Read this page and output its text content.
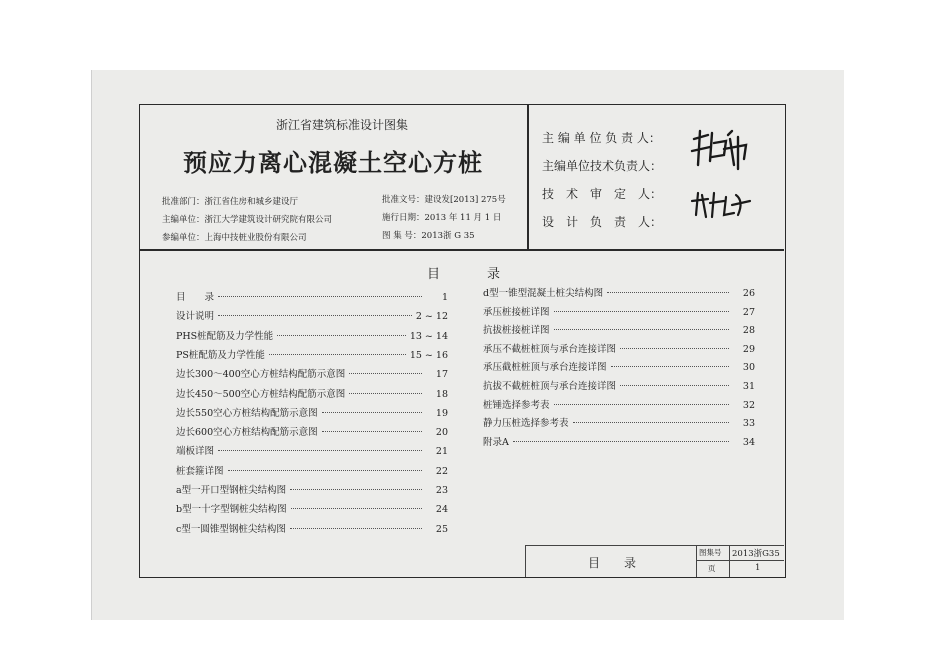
浙江省建筑标准设计图集
预应力离心混凝土空心方桩
批准部门：浙江省住房和城乡建设厅
主编单位：浙江大学建筑设计研究院有限公司
参编单位：上海中技桩业股份有限公司
批准文号：建设发[2013] 275号
施行日期：2013 年 11 月 1 日
图 集 号：2013浙 G 35
主 编 单 位 负 责 人：
主编单位技术负责人：
技　术　审　定　人：
设　计　负　责　人：
目	录
目　　录	1
设计说明	2 ~ 12
PHS桩配筋及力学性能	13 ~ 14
PS桩配筋及力学性能	15 ~ 16
边长300～400空心方桩结构配筋示意图	17
边长450～500空心方桩结构配筋示意图	18
边长550空心方桩结构配筋示意图	19
边长600空心方桩结构配筋示意图	20
端板详图	21
桩套箍详图	22
a型一开口型钢桩尖结构图	23
b型一十字型钢桩尖结构图	24
c型一圆锥型钢桩尖结构图	25
d型一锥型混凝土桩尖结构图	26
承压桩接桩详图	27
抗拔桩接桩详图	28
承压不截桩桩顶与承台连接详图	29
承压截桩桩顶与承台连接详图	30
抗拔不截桩桩顶与承台连接详图	31
桩锤选择参考表	32
静力压桩选择参考表	33
附录A	34
目　　录
图集号 2013浙G35
页	1
